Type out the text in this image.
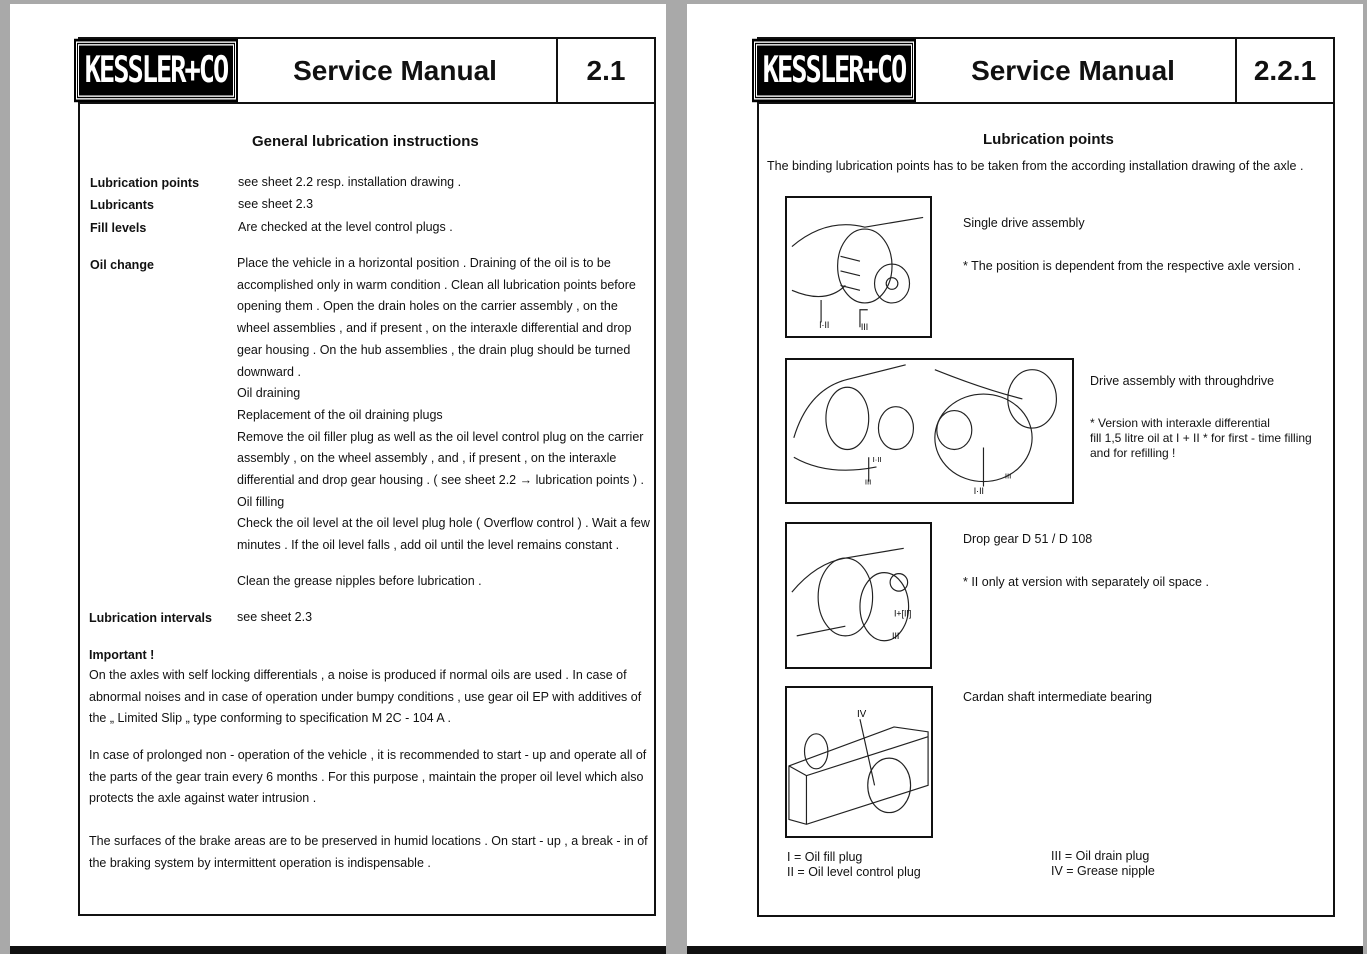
KESSLER+CO	Service Manual	2.1
General lubrication instructions
Lubrication points	see sheet 2.2 resp. installation drawing .
Lubricants	see sheet 2.3
Fill levels	Are checked at the level control plugs .
Oil change	Place the vehicle in a horizontal position . Draining of the oil is to be
accomplished only in warm condition . Clean all lubrication points before
opening them . Open the drain holes on the carrier assembly , on the
wheel assemblies , and if present , on the interaxle differential and drop
gear housing . On the hub assemblies , the drain plug should be turned
downward .
Oil draining
Replacement of the oil draining plugs
Remove the oil filler plug as well as the oil level control plug on the carrier
assembly , on the wheel assembly , and , if present , on the interaxle
differential and drop gear housing . ( see sheet 2.2 → lubrication points ) .
Oil filling
Check the oil level at the oil level plug hole ( Overflow control ) . Wait a few
minutes . If the oil level falls , add oil until the level remains constant .
Clean the grease nipples before lubrication .
Lubrication intervals see sheet 2.3
Important !
On the axles with self locking differentials , a noise is produced if normal oils are used . In case of
abnormal noises and in case of operation under bumpy conditions , use gear oil EP with additives of
the „ Limited Slip „ type conforming to specification M 2C - 104 A .
In case of prolonged non - operation of the vehicle , it is recommended to start - up and operate all of
the parts of the gear train every 6 months . For this purpose , maintain the proper oil level which also
protects the axle against water intrusion .
The surfaces of the brake areas are to be preserved in humid locations . On start - up , a break - in of
the braking system by intermittent operation is indispensable .
KESSLER+CO	Service Manual	2.2.1
Lubrication points
The binding lubrication points has to be taken from the according installation drawing of the axle .
I·II	III
Single drive assembly
* The position is dependent from the respective axle version .
I·II
III
I·II
III
Drive assembly with throughdrive
* Version with interaxle differential
fill 1,5 litre oil at I + II * for first - time filling
and for refilling !
I+[II]
III
Drop gear D 51 / D 108
* II only at version with separately oil space .
IV
Cardan shaft intermediate bearing
I = Oil fill plug
II = Oil level control plug
III = Oil drain plug
IV = Grease nipple
